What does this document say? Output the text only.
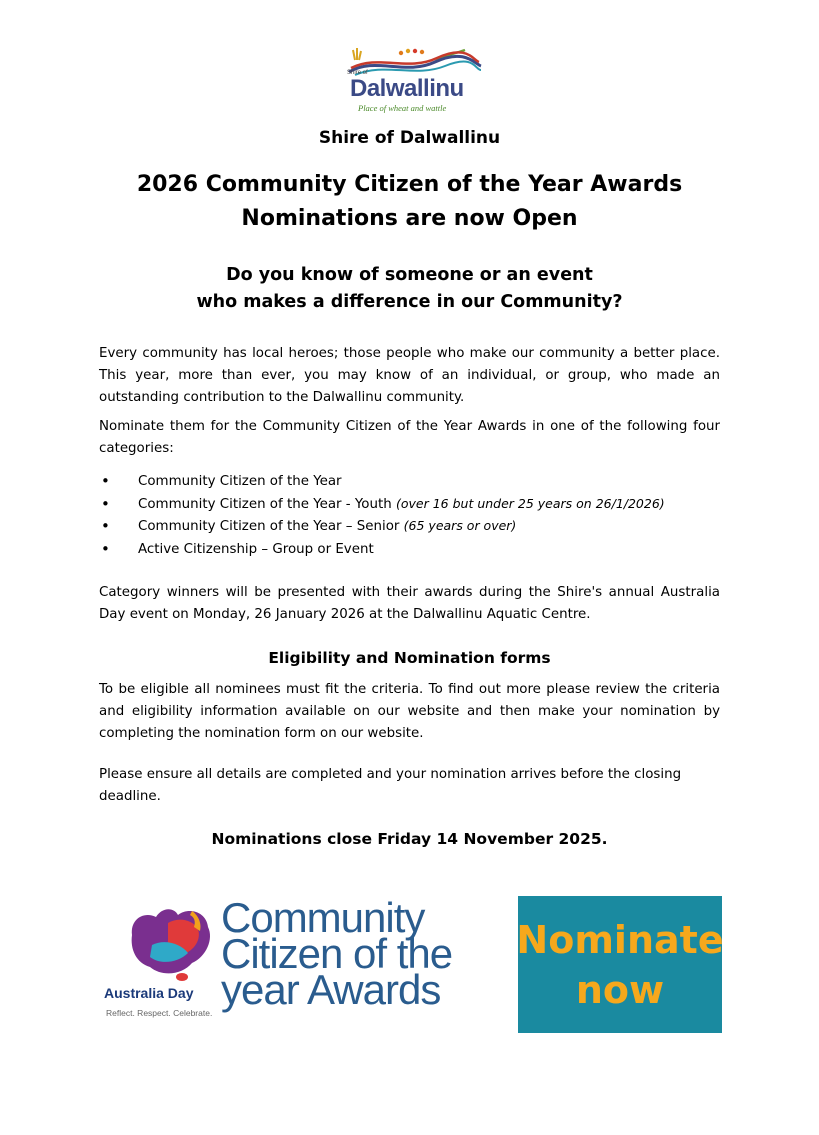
Shire of
Dalwallinu
Place of wheat and wattle
Shire of Dalwallinu
2026 Community Citizen of the Year Awards
Nominations are now Open
Do you know of someone or an event
who makes a difference in our Community?
Every community has local heroes; those people who make our community a better place. This year, more than ever, you may know of an individual, or group, who made an outstanding contribution to the Dalwallinu community.
Nominate them for the Community Citizen of the Year Awards in one of the following four categories:
• Community Citizen of the Year
• Community Citizen of the Year - Youth (over 16 but under 25 years on 26/1/2026)
• Community Citizen of the Year – Senior (65 years or over)
• Active Citizenship – Group or Event
Category winners will be presented with their awards during the Shire's annual Australia Day event on Monday, 26 January 2026 at the Dalwallinu Aquatic Centre.
Eligibility and Nomination forms
To be eligible all nominees must fit the criteria. To find out more please review the criteria and eligibility information available on our website and then make your nomination by completing the nomination form on our website.
Please ensure all details are completed and your nomination arrives before the closing deadline.
Nominations close Friday 14 November 2025.
Australia Day
Reflect. Respect. Celebrate.
Community
Citizen of the
year Awards
Nominate
now
